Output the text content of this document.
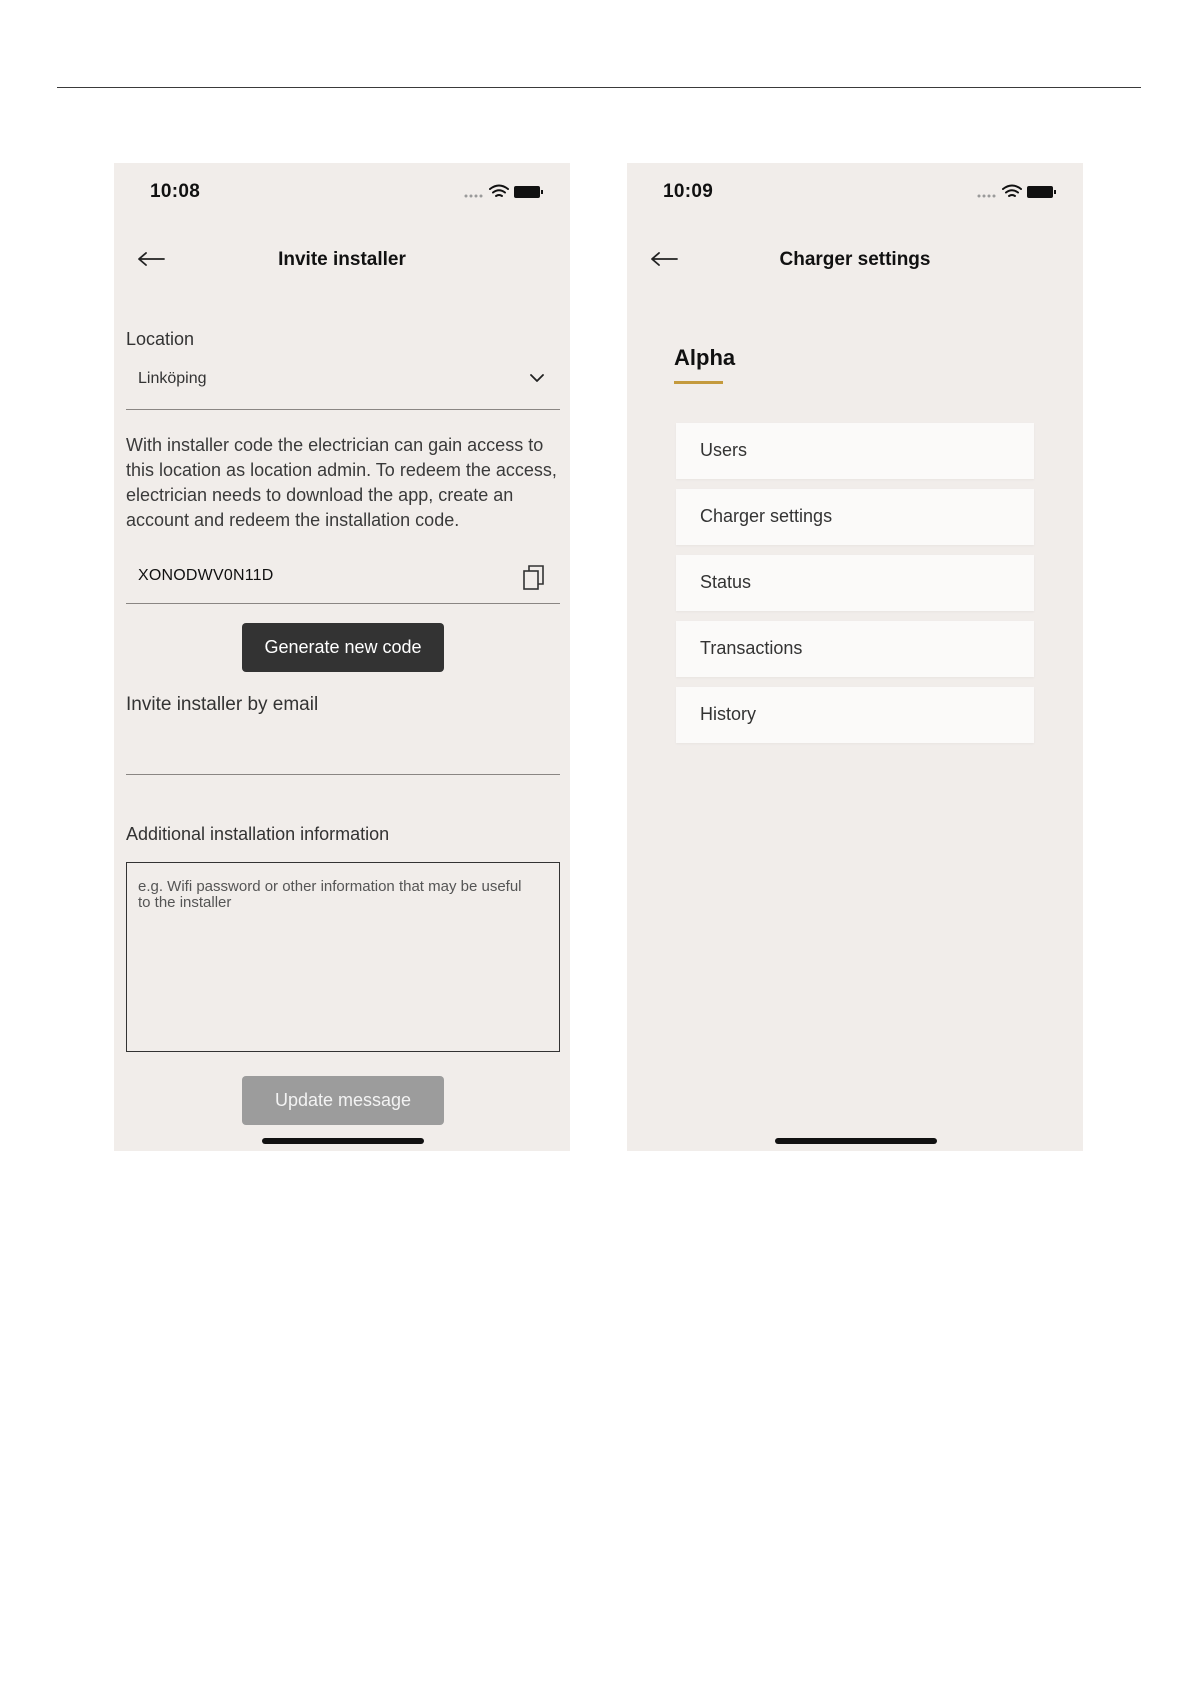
10:08
Invite installer
Location
Linköping
With installer code the electrician can gain access to this location as location admin. To redeem the access, electrician needs to download the app, create an account and redeem the installation code.
XONODWV0N11D
Generate new code
Invite installer by email
Additional installation information
e.g. Wifi password or other information that may be useful to the installer
Update message
10:09
Charger settings
Alpha
Users
Charger settings
Status
Transactions
History
